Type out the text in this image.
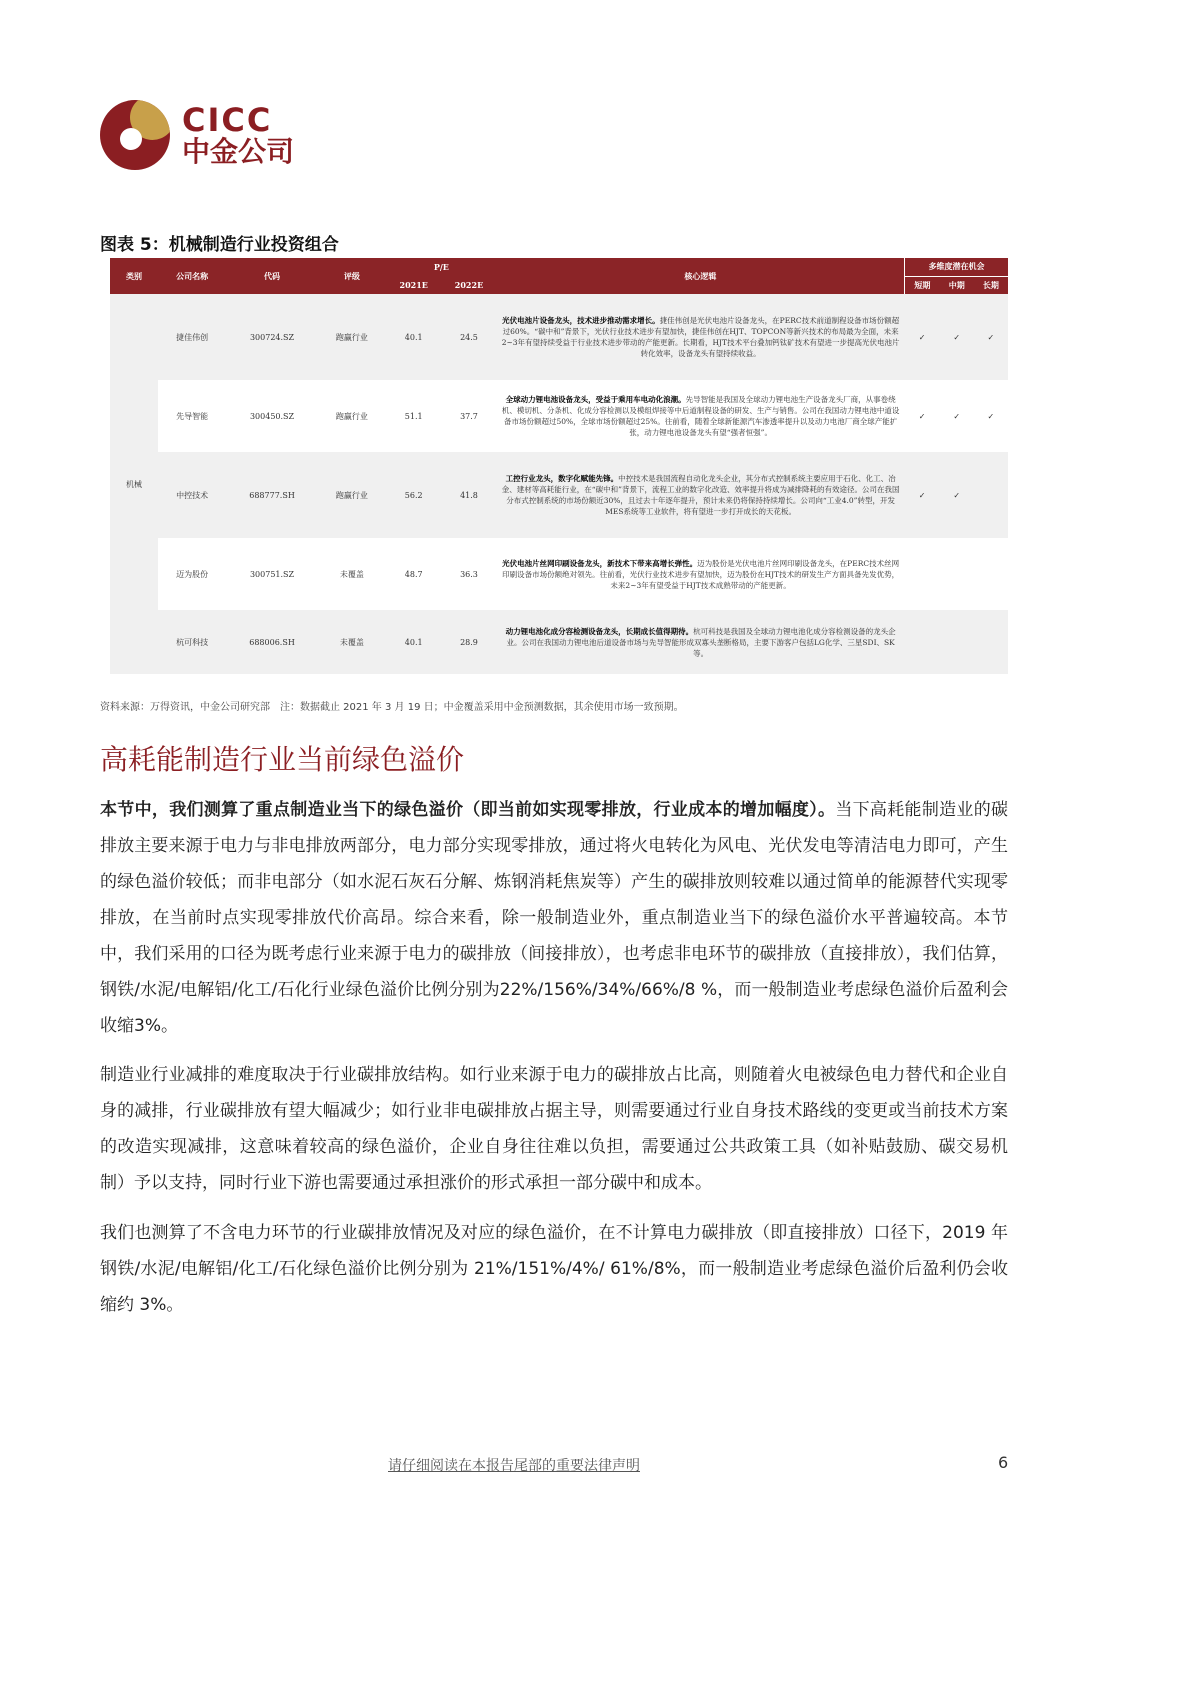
CICC
中金公司
图表 5：机械制造行业投资组合
类别	公司名称	代码	评级	P/E		核心逻辑	多维度潜在机会		
				2021E	2022E		短期	中期	长期
机械	捷佳伟创	300724.SZ	跑赢行业	40.1	24.5	光伏电池片设备龙头，技术进步推动需求增长。捷佳伟创是光伏电池片设备龙头，在PERC技术前道制程设备市场份额超过60%。“碳中和”背景下，光伏行业技术进步有望加快，捷佳伟创在HJT、TOPCON等新兴技术的布局最为全面，未来2~3年有望持续受益于行业技术进步带动的产能更新。长期看，HJT技术平台叠加钙钛矿技术有望进一步提高光伏电池片转化效率，设备龙头有望持续收益。	✓	✓	✓
	先导智能	300450.SZ	跑赢行业	51.1	37.7	全球动力锂电池设备龙头，受益于乘用车电动化浪潮。先导智能是我国及全球动力锂电池生产设备龙头厂商，从事卷绕机、模切机、分条机、化成分容检测以及模组焊接等中后道制程设备的研发、生产与销售。公司在我国动力锂电池中道设备市场份额超过50%，全球市场份额超过25%。往前看，随着全球新能源汽车渗透率提升以及动力电池厂商全球产能扩张，动力锂电池设备龙头有望“强者恒强”。	✓	✓	✓
	中控技术	688777.SH	跑赢行业	56.2	41.8	工控行业龙头，数字化赋能先锋。中控技术是我国流程自动化龙头企业，其分布式控制系统主要应用于石化、化工、冶金、建材等高耗能行业，在“碳中和”背景下，流程工业的数字化改造、效率提升将成为减排降耗的有效途径。公司在我国分布式控制系统的市场份额近30%，且过去十年逐年提升，预计未来仍将保持持续增长。公司向“工业4.0”转型，开发MES系统等工业软件，将有望进一步打开成长的天花板。	✓	✓	
	迈为股份	300751.SZ	未覆盖	48.7	36.3	光伏电池片丝网印刷设备龙头，新技术下带来高增长弹性。迈为股份是光伏电池片丝网印刷设备龙头，在PERC技术丝网印刷设备市场份额绝对领先。往前看，光伏行业技术进步有望加快，迈为股份在HJT技术的研发生产方面具备先发优势，未来2~3年有望受益于HJT技术成熟带动的产能更新。			
	杭可科技	688006.SH	未覆盖	40.1	28.9	动力锂电池化成分容检测设备龙头，长期成长值得期待。杭可科技是我国及全球动力锂电池化成分容检测设备的龙头企业。公司在我国动力锂电池后道设备市场与先导智能形成双寡头垄断格局，主要下游客户包括LG化学、三星SDI、SK等。			
资料来源：万得资讯，中金公司研究部　注：数据截止 2021 年 3 月 19 日；中金覆盖采用中金预测数据，其余使用市场一致预期。
高耗能制造行业当前绿色溢价

本节中，我们测算了重点制造业当下的绿色溢价（即当前如实现零排放，行业成本的增加幅度）。当下高耗能制造业的碳排放主要来源于电力与非电排放两部分，电力部分实现零排放，通过将火电转化为风电、光伏发电等清洁电力即可，产生的绿色溢价较低；而非电部分（如水泥石灰石分解、炼钢消耗焦炭等）产生的碳排放则较难以通过简单的能源替代实现零排放，在当前时点实现零排放代价高昂。综合来看，除一般制造业外，重点制造业当下的绿色溢价水平普遍较高。本节中，我们采用的口径为既考虑行业来源于电力的碳排放（间接排放），也考虑非电环节的碳排放（直接排放），我们估算，钢铁/水泥/电解铝/化工/石化行业绿色溢价比例分别为22%/156%/34%/66%/8 %，而一般制造业考虑绿色溢价后盈利会收缩3%。

制造业行业减排的难度取决于行业碳排放结构。如行业来源于电力的碳排放占比高，则随着火电被绿色电力替代和企业自身的减排，行业碳排放有望大幅减少；如行业非电碳排放占据主导，则需要通过行业自身技术路线的变更或当前技术方案的改造实现减排，这意味着较高的绿色溢价，企业自身往往难以负担，需要通过公共政策工具（如补贴鼓励、碳交易机制）予以支持，同时行业下游也需要通过承担涨价的形式承担一部分碳中和成本。

我们也测算了不含电力环节的行业碳排放情况及对应的绿色溢价，在不计算电力碳排放（即直接排放）口径下，2019 年钢铁/水泥/电解铝/化工/石化绿色溢价比例分别为 21%/151%/4%/ 61%/8%，而一般制造业考虑绿色溢价后盈利仍会收缩约 3%。

请仔细阅读在本报告尾部的重要法律声明	6
